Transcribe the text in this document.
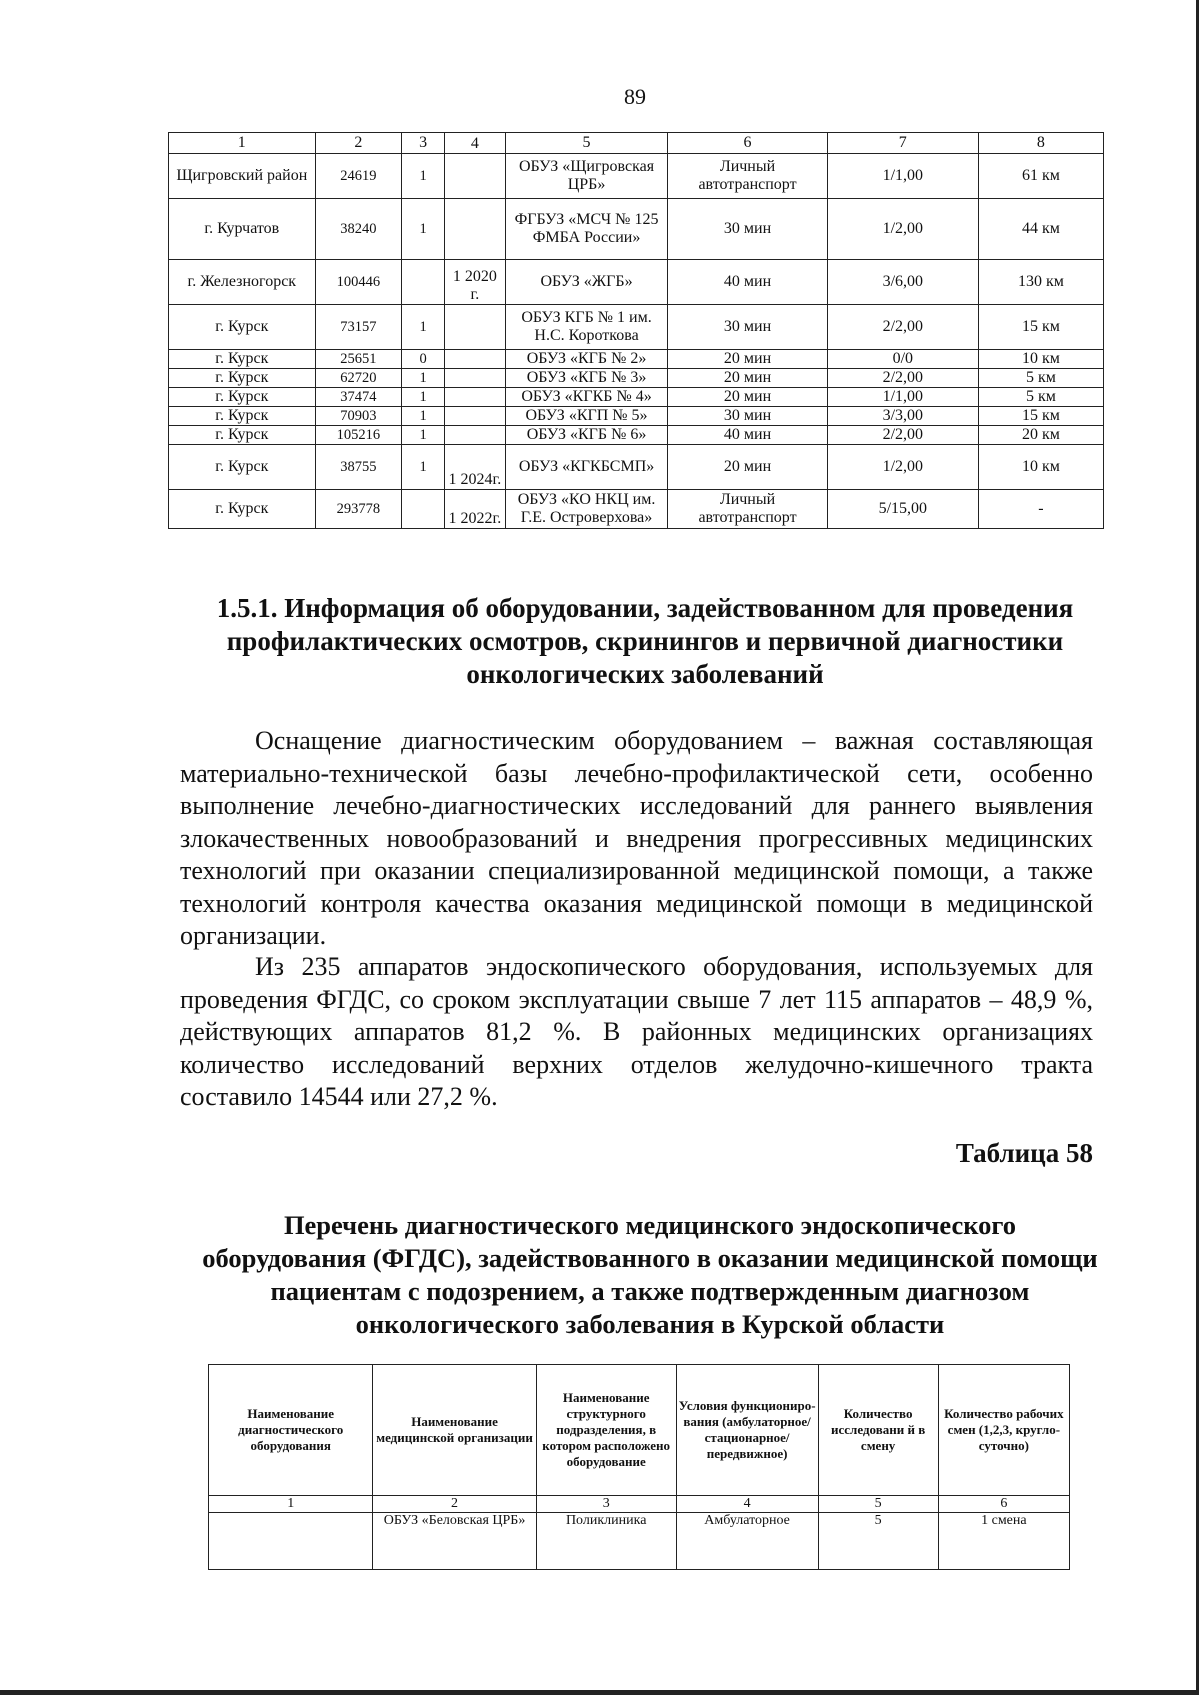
89
1	2	3	4	5	6	7	8
Щигровский район	24619	1		ОБУЗ «Щигровская ЦРБ»	Личный автотранспорт	1/1,00	61 км
г. Курчатов	38240	1		ФГБУЗ «МСЧ № 125 ФМБА России»	30 мин	1/2,00	44 км
г. Железногорск	100446		1 2020 г.	ОБУЗ «ЖГБ»	40 мин	3/6,00	130 км
г. Курск	73157	1		ОБУЗ КГБ № 1 им. Н.С. Короткова	30 мин	2/2,00	15 км
г. Курск	25651	0		ОБУЗ «КГБ № 2»	20 мин	0/0	10 км
г. Курск	62720	1		ОБУЗ «КГБ № 3»	20 мин	2/2,00	5 км
г. Курск	37474	1		ОБУЗ «КГКБ № 4»	20 мин	1/1,00	5 км
г. Курск	70903	1		ОБУЗ «КГП № 5»	30 мин	3/3,00	15 км
г. Курск	105216	1		ОБУЗ «КГБ № 6»	40 мин	2/2,00	20 км
г. Курск	38755	1	1 2024г.	ОБУЗ «КГКБСМП»	20 мин	1/2,00	10 км
г. Курск	293778		1 2022г.	ОБУЗ «КО НКЦ им. Г.Е. Островерхова»	Личный автотранспорт	5/15,00	-
1.5.1. Информация об оборудовании, задействованном для проведения профилактических осмотров, скринингов и первичной диагностики онкологических заболеваний
Оснащение диагностическим оборудованием – важная составляющая материально-технической базы лечебно-профилактической сети, особенно выполнение лечебно-диагностических исследований для раннего выявления злокачественных новообразований и внедрения прогрессивных медицинских технологий при оказании специализированной медицинской помощи, а также технологий контроля качества оказания медицинской помощи в медицинской организации.
Из 235 аппаратов эндоскопического оборудования, используемых для проведения ФГДС, со сроком эксплуатации свыше 7 лет 115 аппаратов – 48,9 %, действующих аппаратов 81,2 %. В районных медицинских организациях количество исследований верхних отделов желудочно-кишечного тракта составило 14544 или 27,2 %.
Таблица 58
Перечень диагностического медицинского эндоскопического оборудования (ФГДС), задействованного в оказании медицинской помощи пациентам с подозрением, а также подтвержденным диагнозом онкологического заболевания в Курской области
Наименование диагностического оборудования	Наименование медицинской организации	Наименование структурного подразделения, в котором расположено оборудование	Условия функциониро-вания (амбулаторное/ стационарное/ передвижное)	Количество исследовани й в смену	Количество рабочих смен (1,2,3, кругло-суточно)
1	2	3	4	5	6
	ОБУЗ «Беловская ЦРБ»	Поликлиника	Амбулаторное	5	1 смена
